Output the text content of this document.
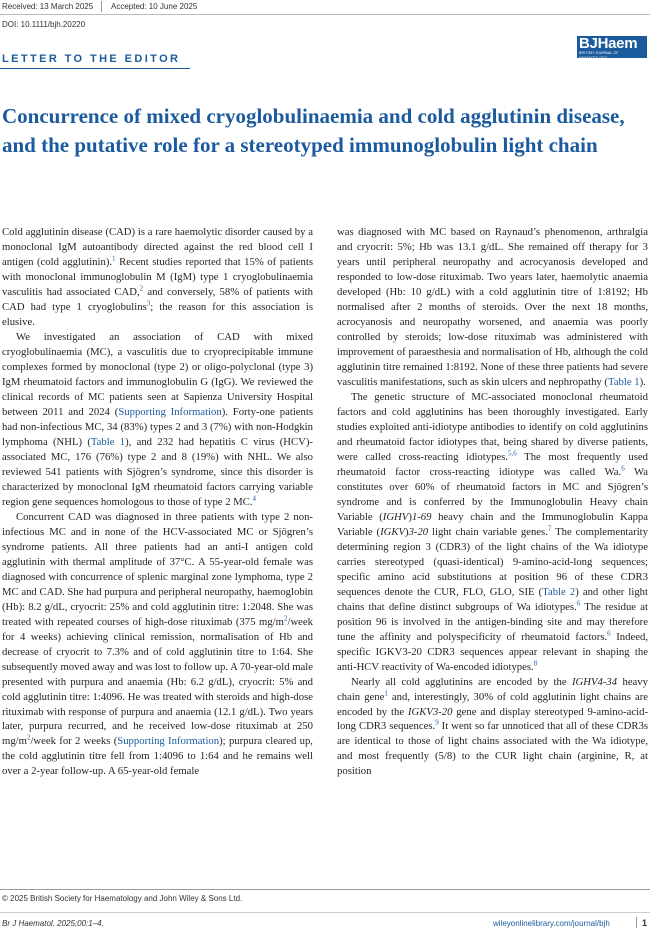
Received: 13 March 2025 Accepted: 10 June 2025
DOI: 10.1111/bjh.20220
BJHaem
BRITISH JOURNAL OF HAEMATOLOGY
LETTER TO THE EDITOR
Concurrence of mixed cryoglobulinaemia and cold agglutinin disease, and the putative role for a stereotyped immunoglobulin light chain

Cold agglutinin disease (CAD) is a rare haemolytic disorder caused by a monoclonal IgM autoantibody directed against the red blood cell I antigen (cold agglutinin).$^1$ Recent studies reported that 15% of patients with monoclonal immunoglobulin M (IgM) type 1 cryoglobulinaemia vasculitis had associated CAD,$^2$ and conversely, 58% of patients with CAD had type 1 cryoglobulins$^3$; the reason for this association is elusive.

We investigated an association of CAD with mixed cryoglobulinaemia (MC), a vasculitis due to cryoprecipitable immune complexes formed by monoclonal (type 2) or oligo-polyclonal (type 3) IgM rheumatoid factors and immunoglobulin G (IgG). We reviewed the clinical records of MC patients seen at Sapienza University Hospital between 2011 and 2024 (Supporting Information). Forty-one patients had non-infectious MC, 34 (83%) types 2 and 3 (7%) with non-Hodgkin lymphoma (NHL) (Table 1), and 232 had hepatitis C virus (HCV)-associated MC, 176 (76%) type 2 and 8 (19%) with NHL. We also reviewed 541 patients with Sjögren’s syndrome, since this disorder is characterized by monoclonal IgM rheumatoid factors carrying variable region gene sequences homologous to those of type 2 MC.$^4$

Concurrent CAD was diagnosed in three patients with type 2 non-infectious MC and in none of the HCV-associated MC or Sjögren’s syndrome patients. All three patients had an anti-I antigen cold agglutinin with thermal amplitude of 37°C. A 55-year-old female was diagnosed with concurrence of splenic marginal zone lymphoma, type 2 MC and CAD. She had purpura and peripheral neuropathy, haemoglobin (Hb): 8.2 g/dL, cryocrit: 25% and cold agglutinin titre: 1:2048. She was treated with repeated courses of high-dose rituximab (375 $mg/m^2$/week for 4 weeks) achieving clinical remission, normalisation of Hb and decrease of cryocrit to 7.3% and of cold agglutinin titre to 1:64. She subsequently moved away and was lost to follow up. A 70-year-old male presented with purpura and anaemia (Hb: 6.2 g/dL), cryocrit: 5% and cold agglutinin titre: 1:4096. He was treated with steroids and high-dose rituximab with response of purpura and anaemia (12.1 g/dL). Two years later, purpura recurred, and he received low-dose rituximab at 250 $mg/m^2$/week for 2 weeks (Supporting Information); purpura cleared up, the cold agglutinin titre fell from 1:4096 to 1:64 and he remains well over a 2-year follow-up. A 65-year-old female

was diagnosed with MC based on Raynaud’s phenomenon, arthralgia and cryocrit: 5%; Hb was 13.1 g/dL. She remained off therapy for 3 years until peripheral neuropathy and acrocyanosis developed and responded to low-dose rituximab. Two years later, haemolytic anaemia developed (Hb: 10 g/dL) with a cold agglutinin titre of 1:8192; Hb normalised after 2 months of steroids. Over the next 18 months, acrocyanosis and neuropathy worsened, and anaemia was poorly controlled by steroids; low-dose rituximab was administered with improvement of paraesthesia and normalisation of Hb, although the cold agglutinin titre remained 1:8192. None of these three patients had severe vasculitis manifestations, such as skin ulcers and nephropathy (Table 1).

The genetic structure of MC-associated monoclonal rheumatoid factors and cold agglutinins has been thoroughly investigated. Early studies exploited anti-idiotype antibodies to identify on cold agglutinins and rheumatoid factor idiotypes that, being shared by diverse patients, were called cross-reacting idiotypes.$^{5,6}$ The most frequently used rheumatoid factor cross-reacting idiotype was called Wa.$^6$ Wa constitutes over 60% of rheumatoid factors in MC and Sjögren’s syndrome and is conferred by the Immunoglobulin Heavy chain Variable (IGHV)1-69 heavy chain and the Immunoglobulin Kappa Variable (IGKV)3-20 light chain variable genes.$^7$ The complementarity determining region 3 (CDR3) of the light chains of the Wa idiotype carries stereotyped (quasi-identical) 9-amino-acid-long sequences; specific amino acid substitutions at position 96 of these CDR3 sequences denote the CUR, FLO, GLO, SIE (Table 2) and other light chains that define distinct subgroups of Wa idiotypes.$^6$ The residue at position 96 is involved in the antigen-binding site and may therefore tune the affinity and polyspecificity of rheumatoid factors.$^6$ Indeed, specific IGKV3-20 CDR3 sequences appear relevant in shaping the anti-HCV reactivity of Wa-encoded idiotypes.$^8$

Nearly all cold agglutinins are encoded by the IGHV4-34 heavy chain gene$^1$ and, interestingly, 30% of cold agglutinin light chains are encoded by the IGKV3-20 gene and display stereotyped 9-amino-acid-long CDR3 sequences.$^9$ It went so far unnoticed that all of these CDR3s are identical to those of light chains associated with the Wa idiotype, and most frequently (5/8) to the CUR light chain (arginine, R, at position

© 2025 British Society for Haematology and John Wiley & Sons Ltd.
Br J Haematol. 2025;00:1–4.	wileyonlinelibrary.com/journal/bjh	1
